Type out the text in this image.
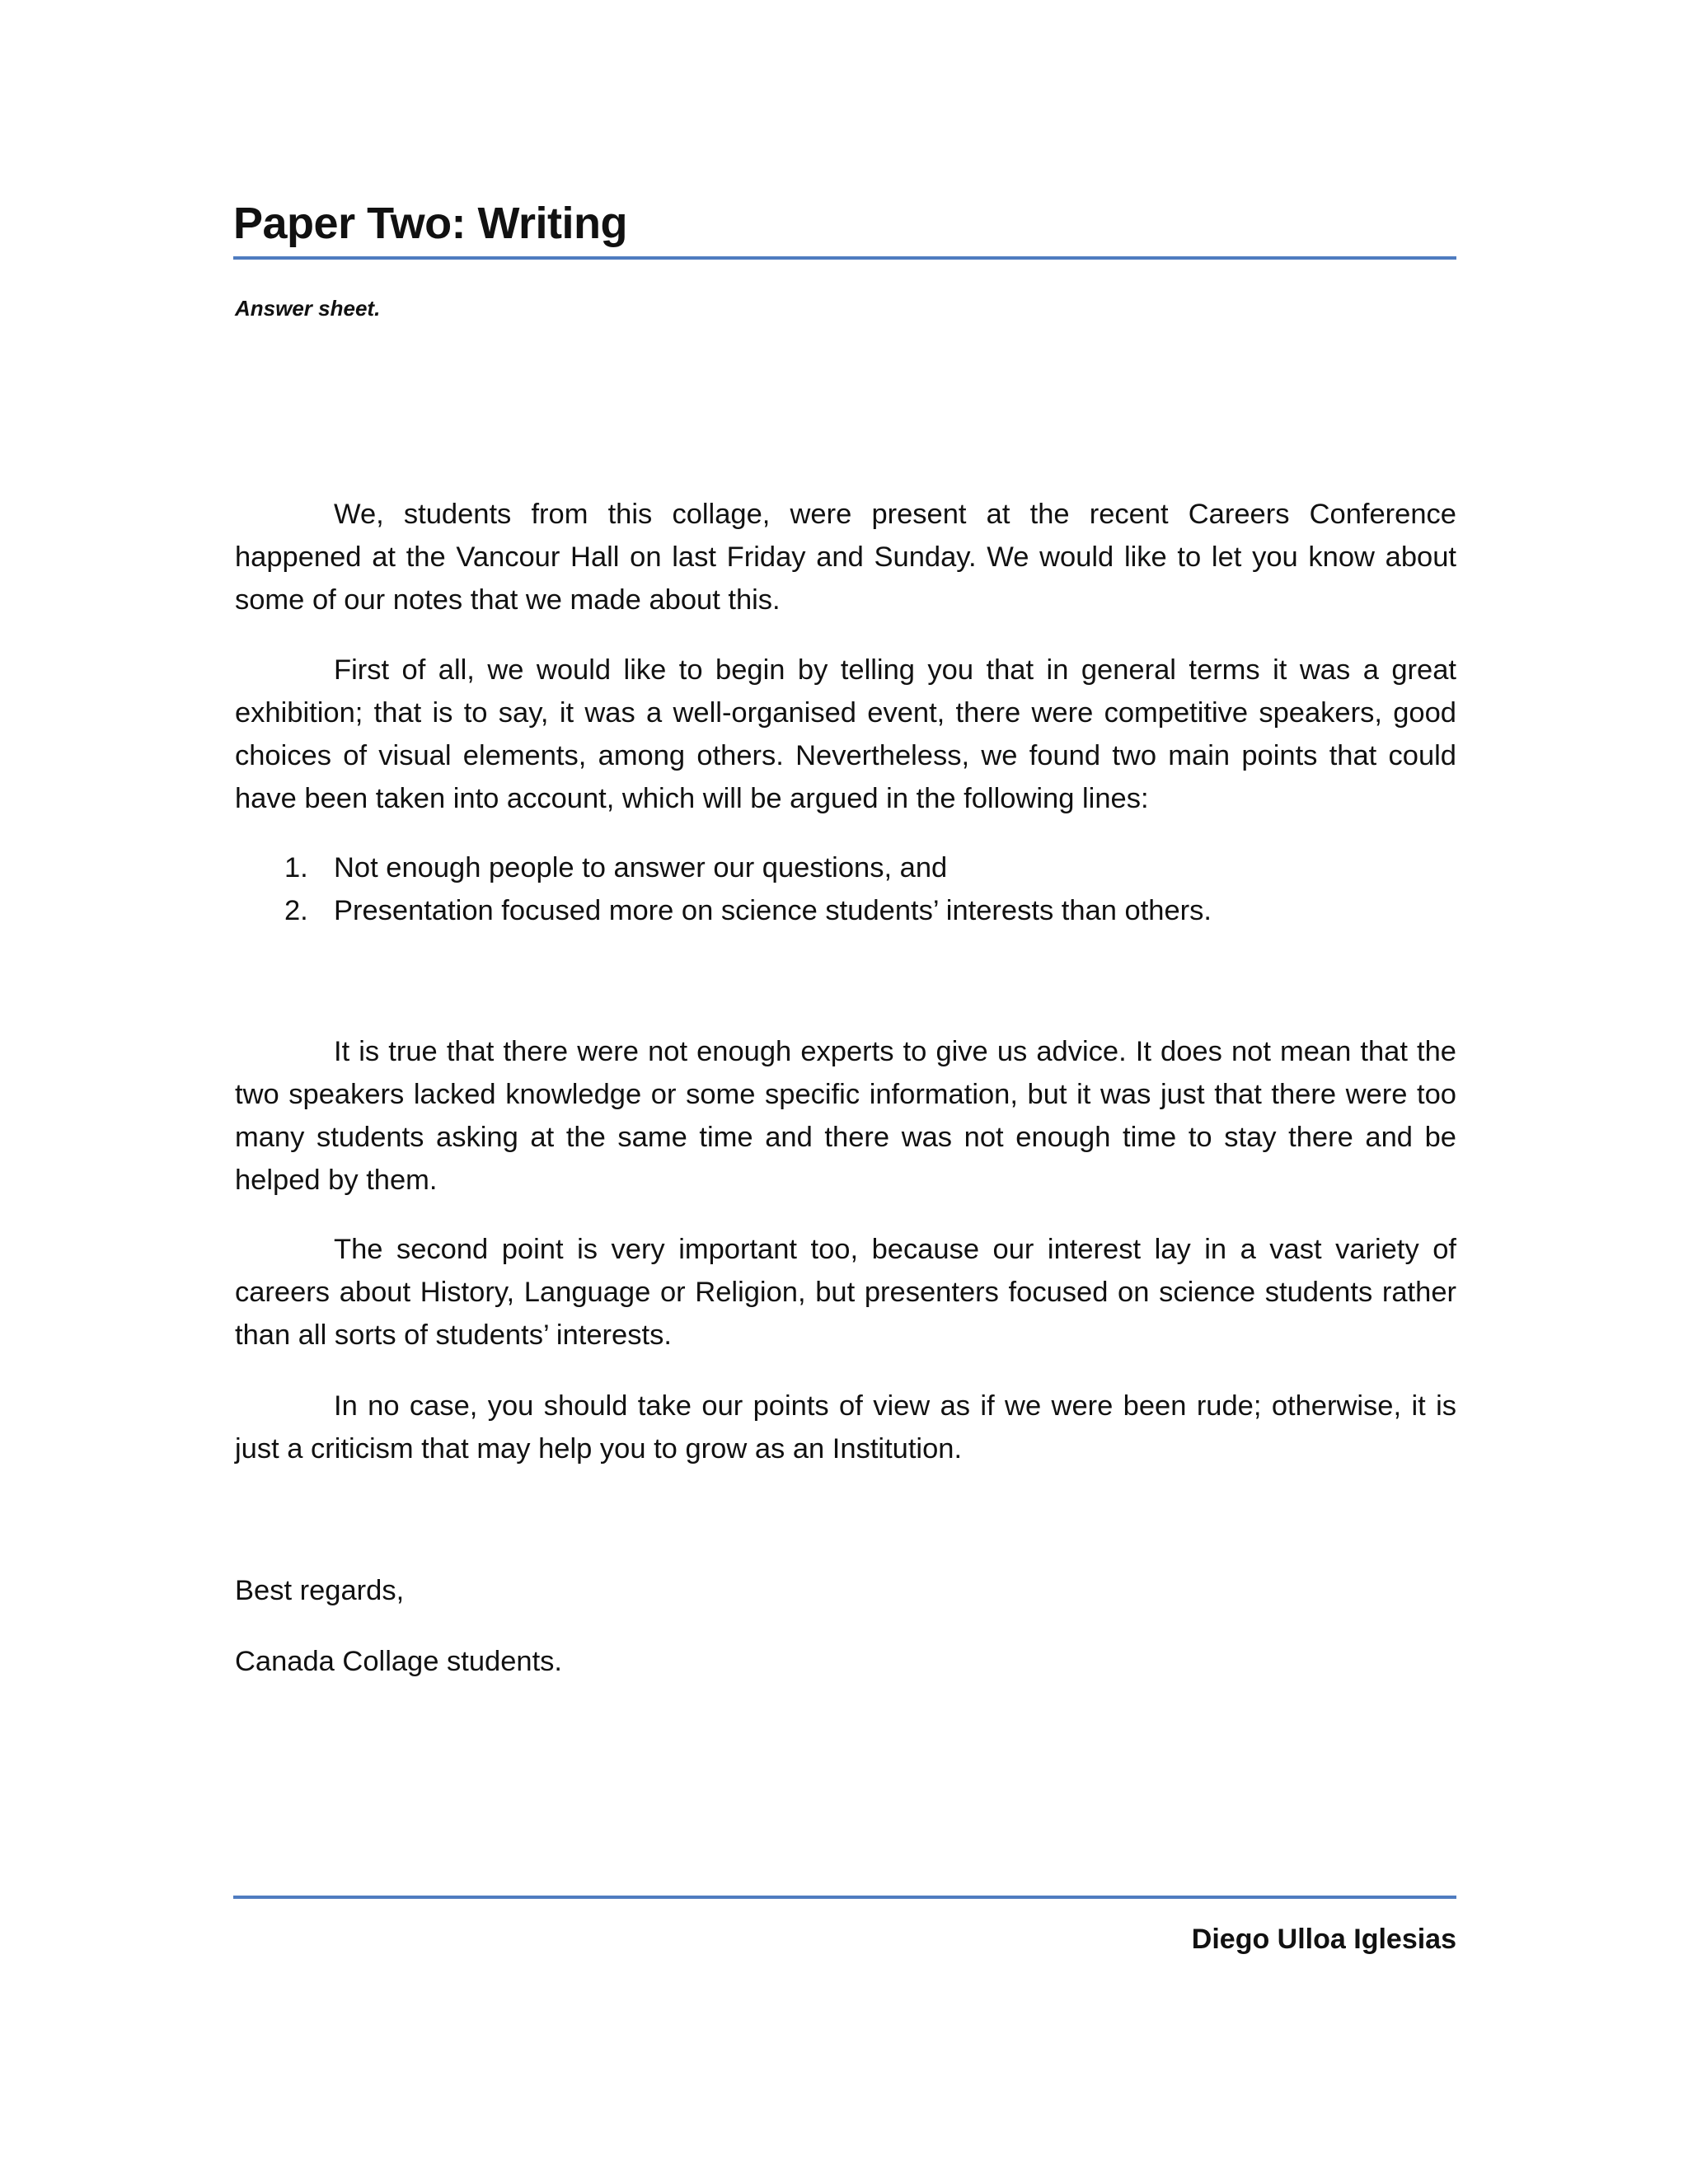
Paper Two: Writing
Answer sheet.

We, students from this collage, were present at the recent Careers Conference happened at the Vancour Hall on last Friday and Sunday. We would like to let you know about some of our notes that we made about this.

First of all, we would like to begin by telling you that in general terms it was a great exhibition; that is to say, it was a well-organised event, there were competitive speakers, good choices of visual elements, among others. Nevertheless, we found two main points that could have been taken into account, which will be argued in the following lines:

1. Not enough people to answer our questions, and
2. Presentation focused more on science students’ interests than others.

It is true that there were not enough experts to give us advice. It does not mean that the two speakers lacked knowledge or some specific information, but it was just that there were too many students asking at the same time and there was not enough time to stay there and be helped by them.

The second point is very important too, because our interest lay in a vast variety of careers about History, Language or Religion, but presenters focused on science students rather than all sorts of students’ interests.

In no case, you should take our points of view as if we were been rude; otherwise, it is just a criticism that may help you to grow as an Institution.

Best regards,

Canada Collage students.

Diego Ulloa Iglesias
